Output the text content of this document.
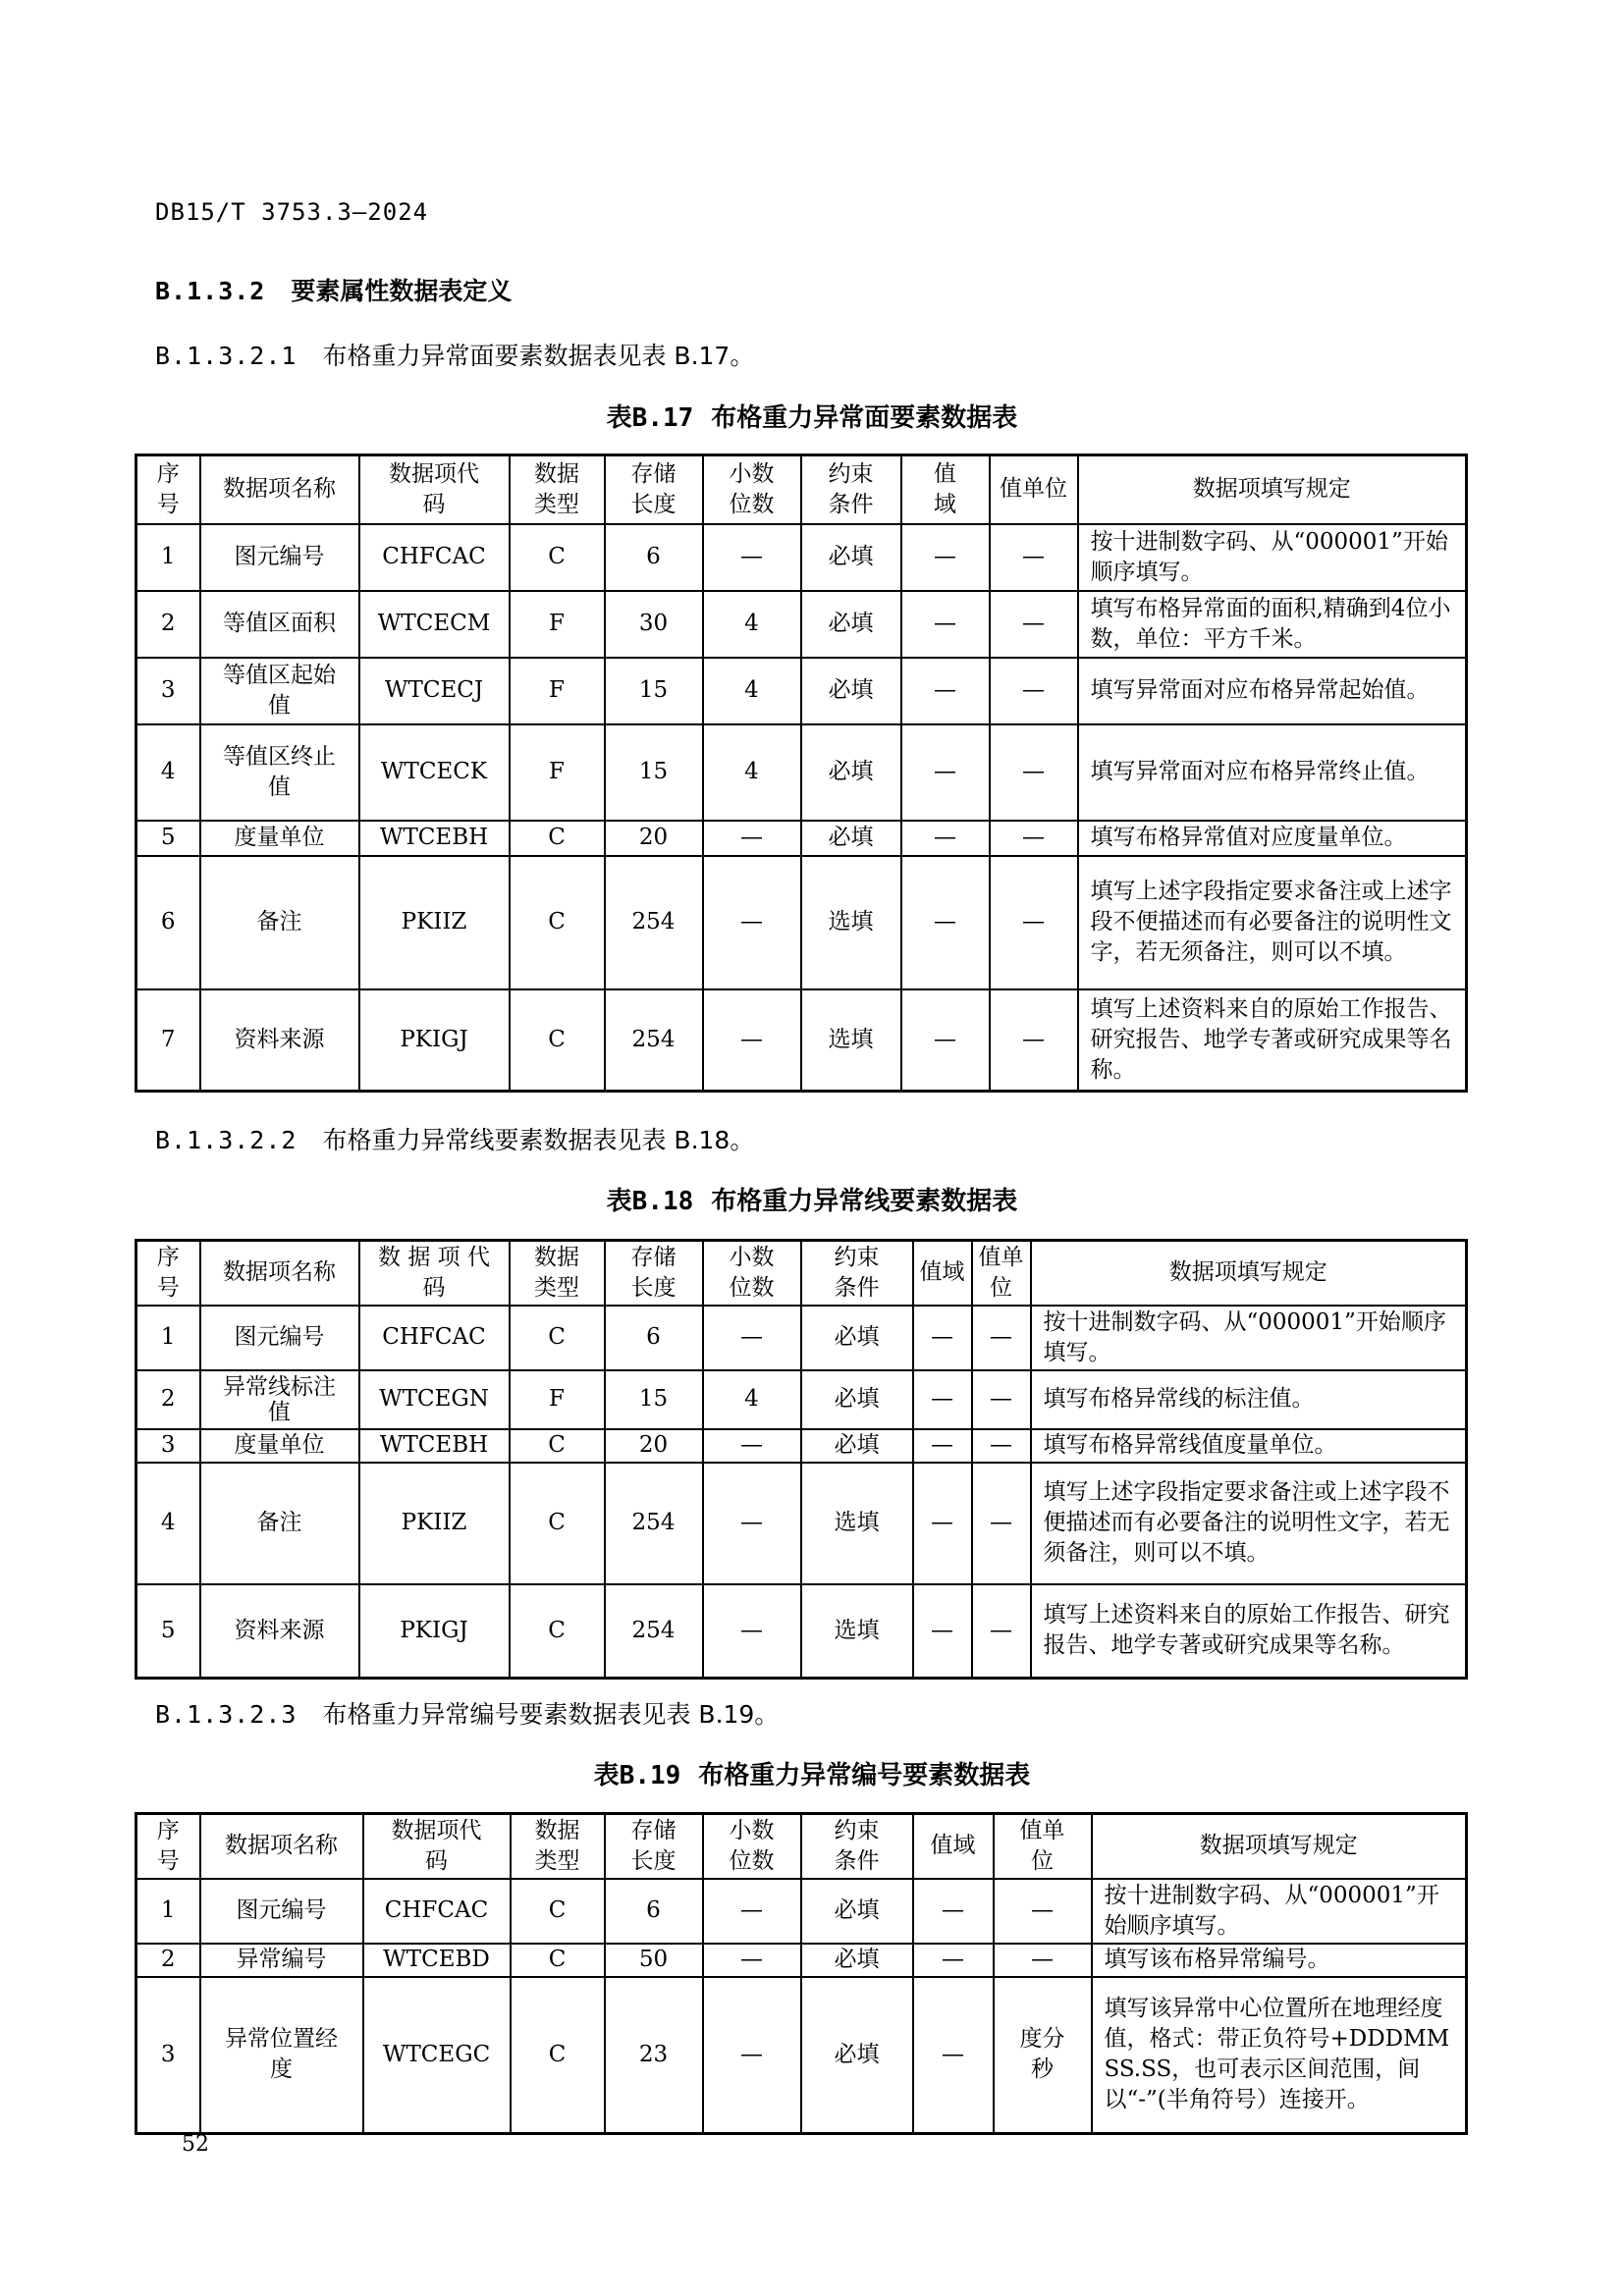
DB15/T 3753.3—2024
B.1.3.2 要素属性数据表定义
B.1.3.2.1 布格重力异常面要素数据表见表 B.17。
表B.17 布格重力异常面要素数据表
序号	数据项名称	数据项代码	数据类型	存储长度	小数位数	约束条件	值域	值单位	数据项填写规定
1	图元编号	CHFCAC	C	6	—	必填	—	—	按十进制数字码、从“000001”开始顺序填写。
2	等值区面积	WTCECM	F	30	4	必填	—	—	填写布格异常面的面积,精确到4位小数，单位：平方千米。
3	等值区起始值	WTCECJ	F	15	4	必填	—	—	填写异常面对应布格异常起始值。
4	等值区终止值	WTCECK	F	15	4	必填	—	—	填写异常面对应布格异常终止值。
5	度量单位	WTCEBH	C	20	—	必填	—	—	填写布格异常值对应度量单位。
6	备注	PKIIZ	C	254	—	选填	—	—	填写上述字段指定要求备注或上述字段不便描述而有必要备注的说明性文字，若无须备注，则可以不填。
7	资料来源	PKIGJ	C	254	—	选填	—	—	填写上述资料来自的原始工作报告、研究报告、地学专著或研究成果等名称。
B.1.3.2.2 布格重力异常线要素数据表见表 B.18。
表B.18 布格重力异常线要素数据表
序号	数据项名称	数 据 项 代码	数据类型	存储长度	小数位数	约束条件	值域	值单位	数据项填写规定
1	图元编号	CHFCAC	C	6	—	必填	—	—	按十进制数字码、从“000001”开始顺序填写。
2	异常线标注值	WTCEGN	F	15	4	必填	—	—	填写布格异常线的标注值。
3	度量单位	WTCEBH	C	20	—	必填	—	—	填写布格异常线值度量单位。
4	备注	PKIIZ	C	254	—	选填	—	—	填写上述字段指定要求备注或上述字段不便描述而有必要备注的说明性文字，若无须备注，则可以不填。
5	资料来源	PKIGJ	C	254	—	选填	—	—	填写上述资料来自的原始工作报告、研究报告、地学专著或研究成果等名称。
B.1.3.2.3 布格重力异常编号要素数据表见表 B.19。
表B.19 布格重力异常编号要素数据表
序号	数据项名称	数据项代码	数据类型	存储长度	小数位数	约束条件	值域	值单位	数据项填写规定
1	图元编号	CHFCAC	C	6	—	必填	—	—	按十进制数字码、从“000001”开始顺序填写。
2	异常编号	WTCEBD	C	50	—	必填	—	—	填写该布格异常编号。
3	异常位置经度	WTCEGC	C	23	—	必填	—	度分秒	填写该异常中心位置所在地理经度值，格式：带正负符号+DDDMMSS.SS，也可表示区间范围，间以“-”(半角符号）连接开。
52
